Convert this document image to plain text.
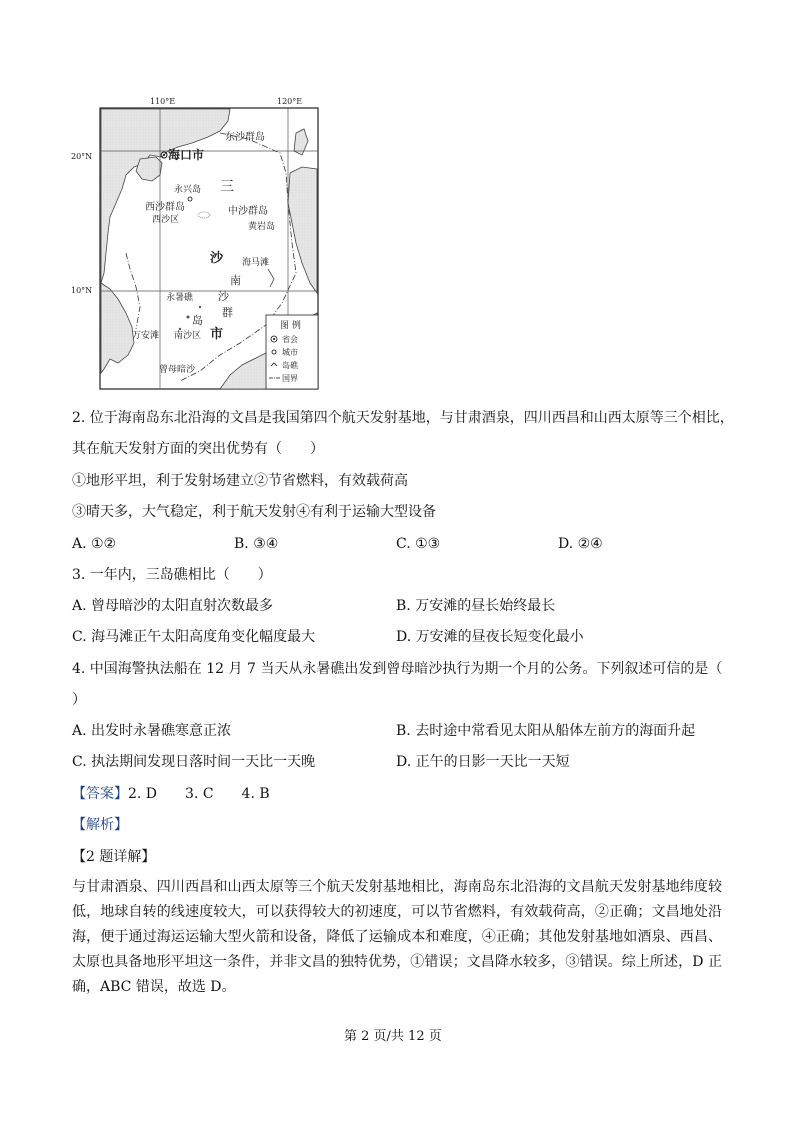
110°E	120°E
20°N
10°N
海口市
东沙群岛
三
永兴岛
西沙群岛
西沙区
中沙群岛
黄岩岛
沙 海马滩
南
沙
永暑礁
群
岛
市
万安滩 南沙区
曾母暗沙
图 例
省会
城市
岛礁
国界
2. 位于海南岛东北沿海的文昌是我国第四个航天发射基地，与甘肃酒泉，四川西昌和山西太原等三个相比，
其在航天发射方面的突出优势有（　　）
①地形平坦，利于发射场建立②节省燃料，有效载荷高
③晴天多，大气稳定，利于航天发射④有利于运输大型设备
A. ①②	B. ③④	C. ①③	D. ②④
3. 一年内，三岛礁相比（　　）
A. 曾母暗沙的太阳直射次数最多	B. 万安滩的昼长始终最长
C. 海马滩正午太阳高度角变化幅度最大	D. 万安滩的昼夜长短变化最小
4. 中国海警执法船在 12 月 7 当天从永暑礁出发到曾母暗沙执行为期一个月的公务。下列叙述可信的是（
）
A. 出发时永暑礁寒意正浓	B. 去时途中常看见太阳从船体左前方的海面升起
C. 执法期间发现日落时间一天比一天晚	D. 正午的日影一天比一天短
【答案】2. D　　3. C　　4. B
【解析】
【2 题详解】
与甘肃酒泉、四川西昌和山西太原等三个航天发射基地相比，海南岛东北沿海的文昌航天发射基地纬度较低，地球自转的线速度较大，可以获得较大的初速度，可以节省燃料，有效载荷高，②正确；文昌地处沿海，便于通过海运运输大型火箭和设备，降低了运输成本和难度，④正确；其他发射基地如酒泉、西昌、太原也具备地形平坦这一条件，并非文昌的独特优势，①错误；文昌降水较多，③错误。综上所述，D 正确，ABC 错误，故选 D。
第 2 页/共 12 页
